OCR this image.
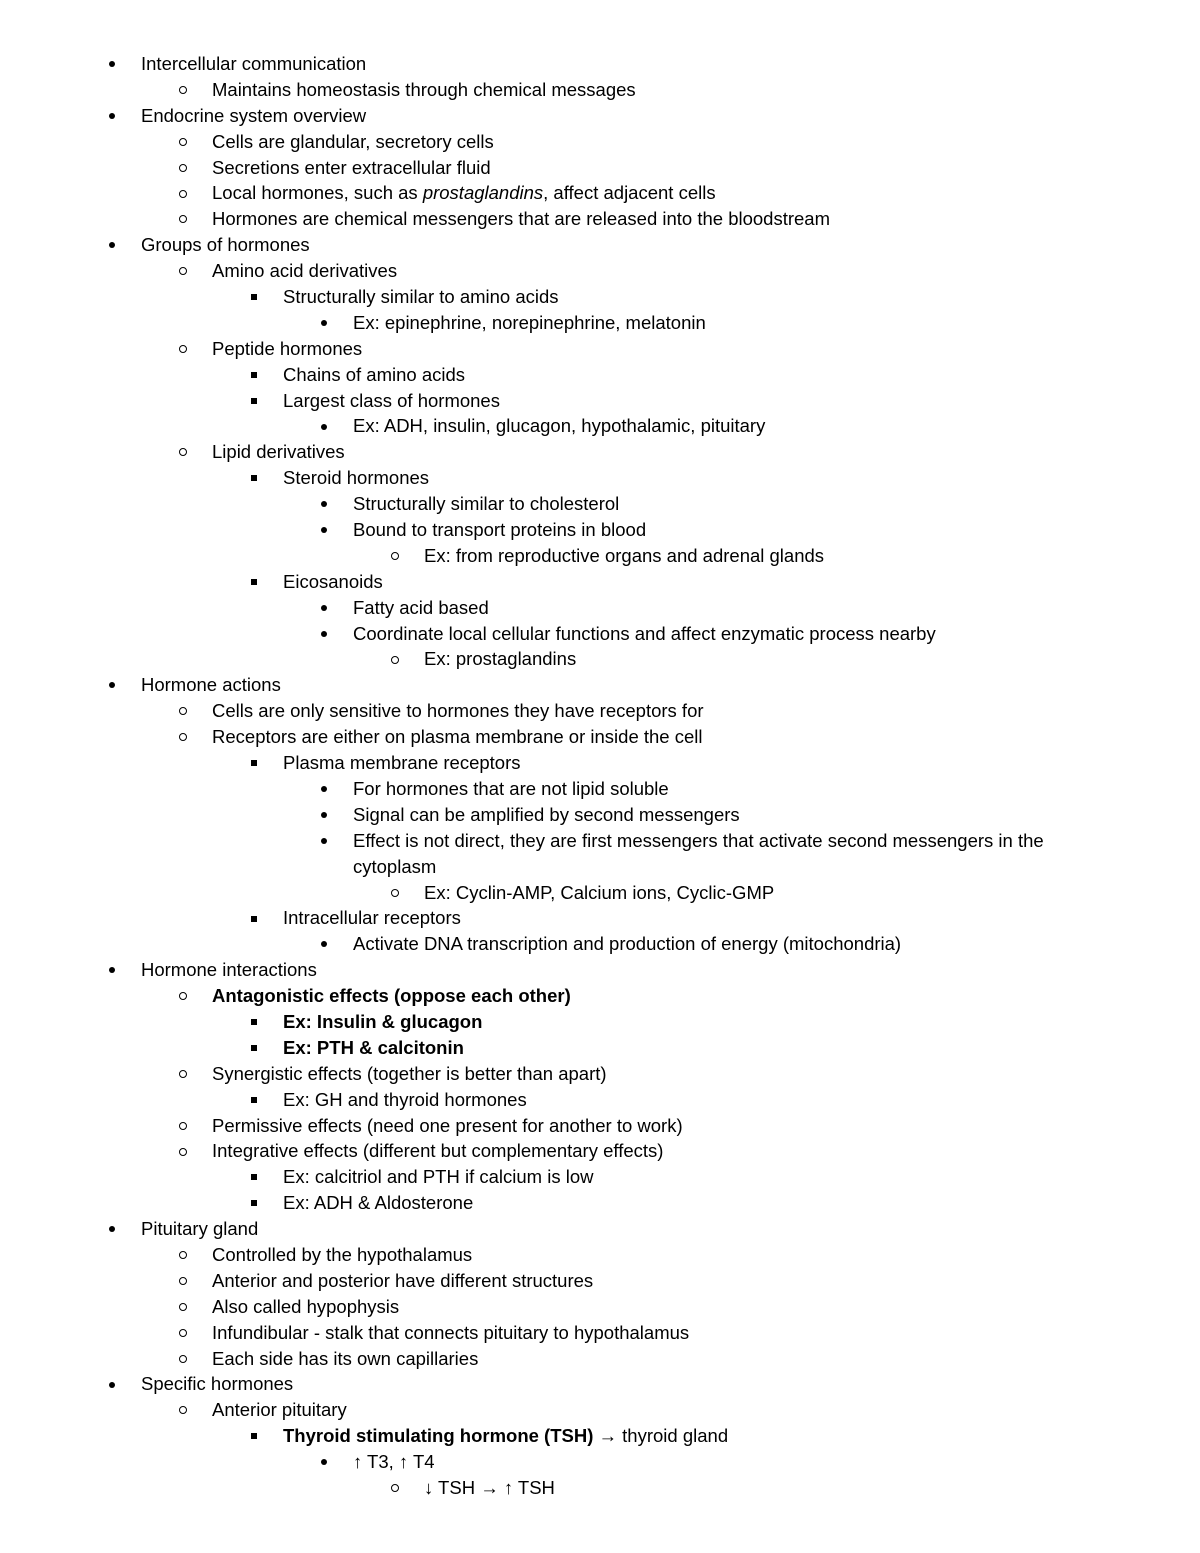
Intercellular communication
Maintains homeostasis through chemical messages
Endocrine system overview
Cells are glandular, secretory cells
Secretions enter extracellular fluid
Local hormones, such as prostaglandins, affect adjacent cells
Hormones are chemical messengers that are released into the bloodstream
Groups of hormones
Amino acid derivatives
Structurally similar to amino acids
Ex: epinephrine, norepinephrine, melatonin
Peptide hormones
Chains of amino acids
Largest class of hormones
Ex: ADH, insulin, glucagon, hypothalamic, pituitary
Lipid derivatives
Steroid hormones
Structurally similar to cholesterol
Bound to transport proteins in blood
Ex: from reproductive organs and adrenal glands
Eicosanoids
Fatty acid based
Coordinate local cellular functions and affect enzymatic process nearby
Ex: prostaglandins
Hormone actions
Cells are only sensitive to hormones they have receptors for
Receptors are either on plasma membrane or inside the cell
Plasma membrane receptors
For hormones that are not lipid soluble
Signal can be amplified by second messengers
Effect is not direct, they are first messengers that activate second messengers in the
cytoplasm
Ex: Cyclin-AMP, Calcium ions, Cyclic-GMP
Intracellular receptors
Activate DNA transcription and production of energy (mitochondria)
Hormone interactions
Antagonistic effects (oppose each other)
Ex: Insulin & glucagon
Ex: PTH & calcitonin
Synergistic effects (together is better than apart)
Ex: GH and thyroid hormones
Permissive effects (need one present for another to work)
Integrative effects (different but complementary effects)
Ex: calcitriol and PTH if calcium is low
Ex: ADH & Aldosterone
Pituitary gland
Controlled by the hypothalamus
Anterior and posterior have different structures
Also called hypophysis
Infundibular - stalk that connects pituitary to hypothalamus
Each side has its own capillaries
Specific hormones
Anterior pituitary
Thyroid stimulating hormone (TSH) → thyroid gland
↑ T3, ↑ T4
↓ TSH → ↑ TSH
